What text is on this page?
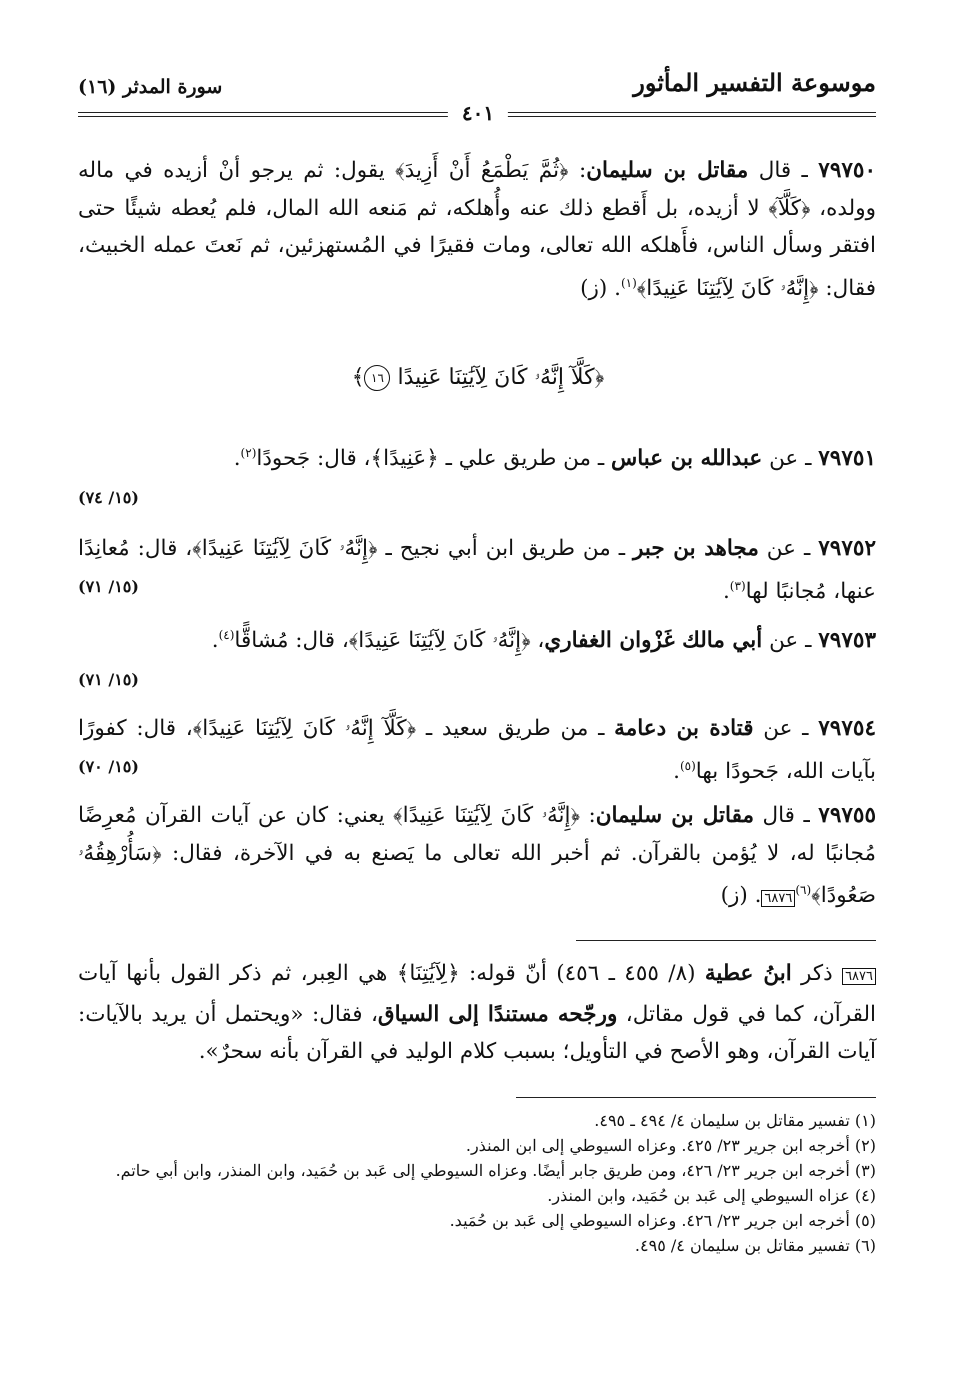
موسوعة التفسير المأثور
سورة المدثر (١٦)
٤٠١
٧٩٧٥٠ ـ قال مقاتل بن سليمان: ﴿ثُمَّ يَطْمَعُ أَنْ أَزِيدَ﴾ يقول: ثم يرجو أنْ أزيده في ماله وولده، ﴿كَلَّآ﴾ لا أزيده، بل أَقطع ذلك عنه وأُهلكه، ثم مَنعه الله المال، فلم يُعطه شيئًا حتى افتقر وسأل الناس، فأَهلكه الله تعالى، ومات فقيرًا في المُستهزئين، ثم نَعتَ عمله الخبيث، فقال: ﴿إِنَّهُۥ كَانَ لِآيَٰتِنَا عَنِيدًا﴾$^{(١)}$. (ز)
﴿كَلَّآ إِنَّهُۥ كَانَ لِآيَٰتِنَا عَنِيدًا ١٦﴾
٧٩٧٥١ ـ عن عبدالله بن عباس ـ من طريق علي ـ ﴿عَنِيدًا﴾، قال: جَحودًا$^{(٢)}$.
(١٥/ ٧٤)
٧٩٧٥٢ ـ عن مجاهد بن جبر ـ من طريق ابن أبي نجيح ـ ﴿إِنَّهُۥ كَانَ لِآيَٰتِنَا عَنِيدًا﴾، قال: مُعانِدًا عنها، مُجانبًا لها$^{(٣)}$.
(١٥/ ٧١)
٧٩٧٥٣ ـ عن أبي مالك غَزْوان الغفاري، ﴿إِنَّهُۥ كَانَ لِآيَٰتِنَا عَنِيدًا﴾، قال: مُشاقًّا$^{(٤)}$.
(١٥/ ٧١)
٧٩٧٥٤ ـ عن قتادة بن دعامة ـ من طريق سعيد ـ ﴿كَلَّآ إِنَّهُۥ كَانَ لِآيَٰتِنَا عَنِيدًا﴾، قال: كفورًا بآيات الله، جَحودًا بها$^{(٥)}$.
(١٥/ ٧٠)
٧٩٧٥٥ ـ قال مقاتل بن سليمان: ﴿إِنَّهُۥ كَانَ لِآيَٰتِنَا عَنِيدًا﴾ يعني: كان عن آيات القرآن مُعرِضًا مُجانبًا له، لا يُؤمن بالقرآن. ثم أخبر الله تعالى ما يَصنع به في الآخرة، فقال: ﴿سَأُرْهِقُهُۥ صَعُودًا﴾$^{(٦)}$٦٨٧٦. (ز)
٦٨٧٦ ذكر ابنُ عطية (٨/ ٤٥٥ ـ ٤٥٦) أنّ قوله: ﴿لِآيَٰتِنَا﴾ هي العِبر، ثم ذكر القول بأنها آيات القرآن، كما في قول مقاتل، ورجّحه مستندًا إلى السياق، فقال: «ويحتمل أن يريد بالآيات: آيات القرآن، وهو الأصح في التأويل؛ بسبب كلام الوليد في القرآن بأنه سحرٌ».
(١) تفسير مقاتل بن سليمان ٤/ ٤٩٤ ـ ٤٩٥.
(٢) أخرجه ابن جرير ٢٣/ ٤٢٥. وعزاه السيوطي إلى ابن المنذر.
(٣) أخرجه ابن جرير ٢٣/ ٤٢٦، ومن طريق جابر أيضًا. وعزاه السيوطي إلى عَبد بن حُمَيد، وابن المنذر، وابن أبي حاتم.
(٤) عزاه السيوطي إلى عَبد بن حُمَيد، وابن المنذر.
(٥) أخرجه ابن جرير ٢٣/ ٤٢٦. وعزاه السيوطي إلى عَبد بن حُمَيد.
(٦) تفسير مقاتل بن سليمان ٤/ ٤٩٥.
